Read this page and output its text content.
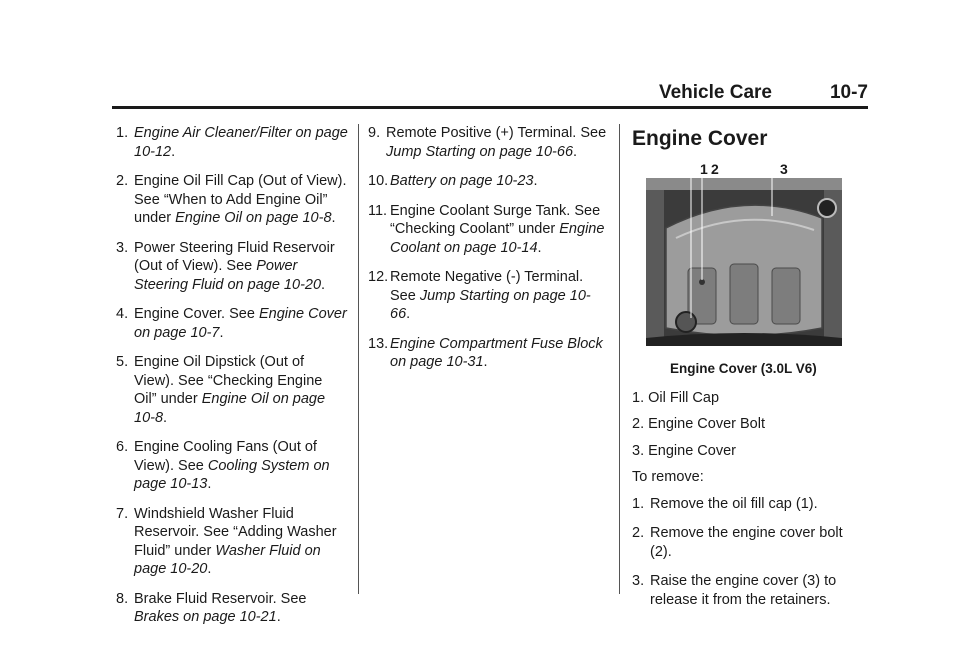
Vehicle Care	10-7
1. Engine Air Cleaner/Filter on page 10-12.
2. Engine Oil Fill Cap (Out of View). See “When to Add Engine Oil” under Engine Oil on page 10-8.
3. Power Steering Fluid Reservoir (Out of View). See Power Steering Fluid on page 10-20.
4. Engine Cover. See Engine Cover on page 10-7.
5. Engine Oil Dipstick (Out of View). See “Checking Engine Oil” under Engine Oil on page 10-8.
6. Engine Cooling Fans (Out of View). See Cooling System on page 10-13.
7. Windshield Washer Fluid Reservoir. See “Adding Washer Fluid” under Washer Fluid on page 10-20.
8. Brake Fluid Reservoir. See Brakes on page 10-21.
9. Remote Positive (+) Terminal. See Jump Starting on page 10-66.
10. Battery on page 10-23.
11. Engine Coolant Surge Tank. See “Checking Coolant” under Engine Coolant on page 10-14.
12. Remote Negative (-) Terminal. See Jump Starting on page 10-66.
13. Engine Compartment Fuse Block on page 10-31.
Engine Cover
1 2	3
Engine Cover (3.0L V6)
1. Oil Fill Cap
2. Engine Cover Bolt
3. Engine Cover
To remove:
1. Remove the oil fill cap (1).
2. Remove the engine cover bolt (2).
3. Raise the engine cover (3) to release it from the retainers.
